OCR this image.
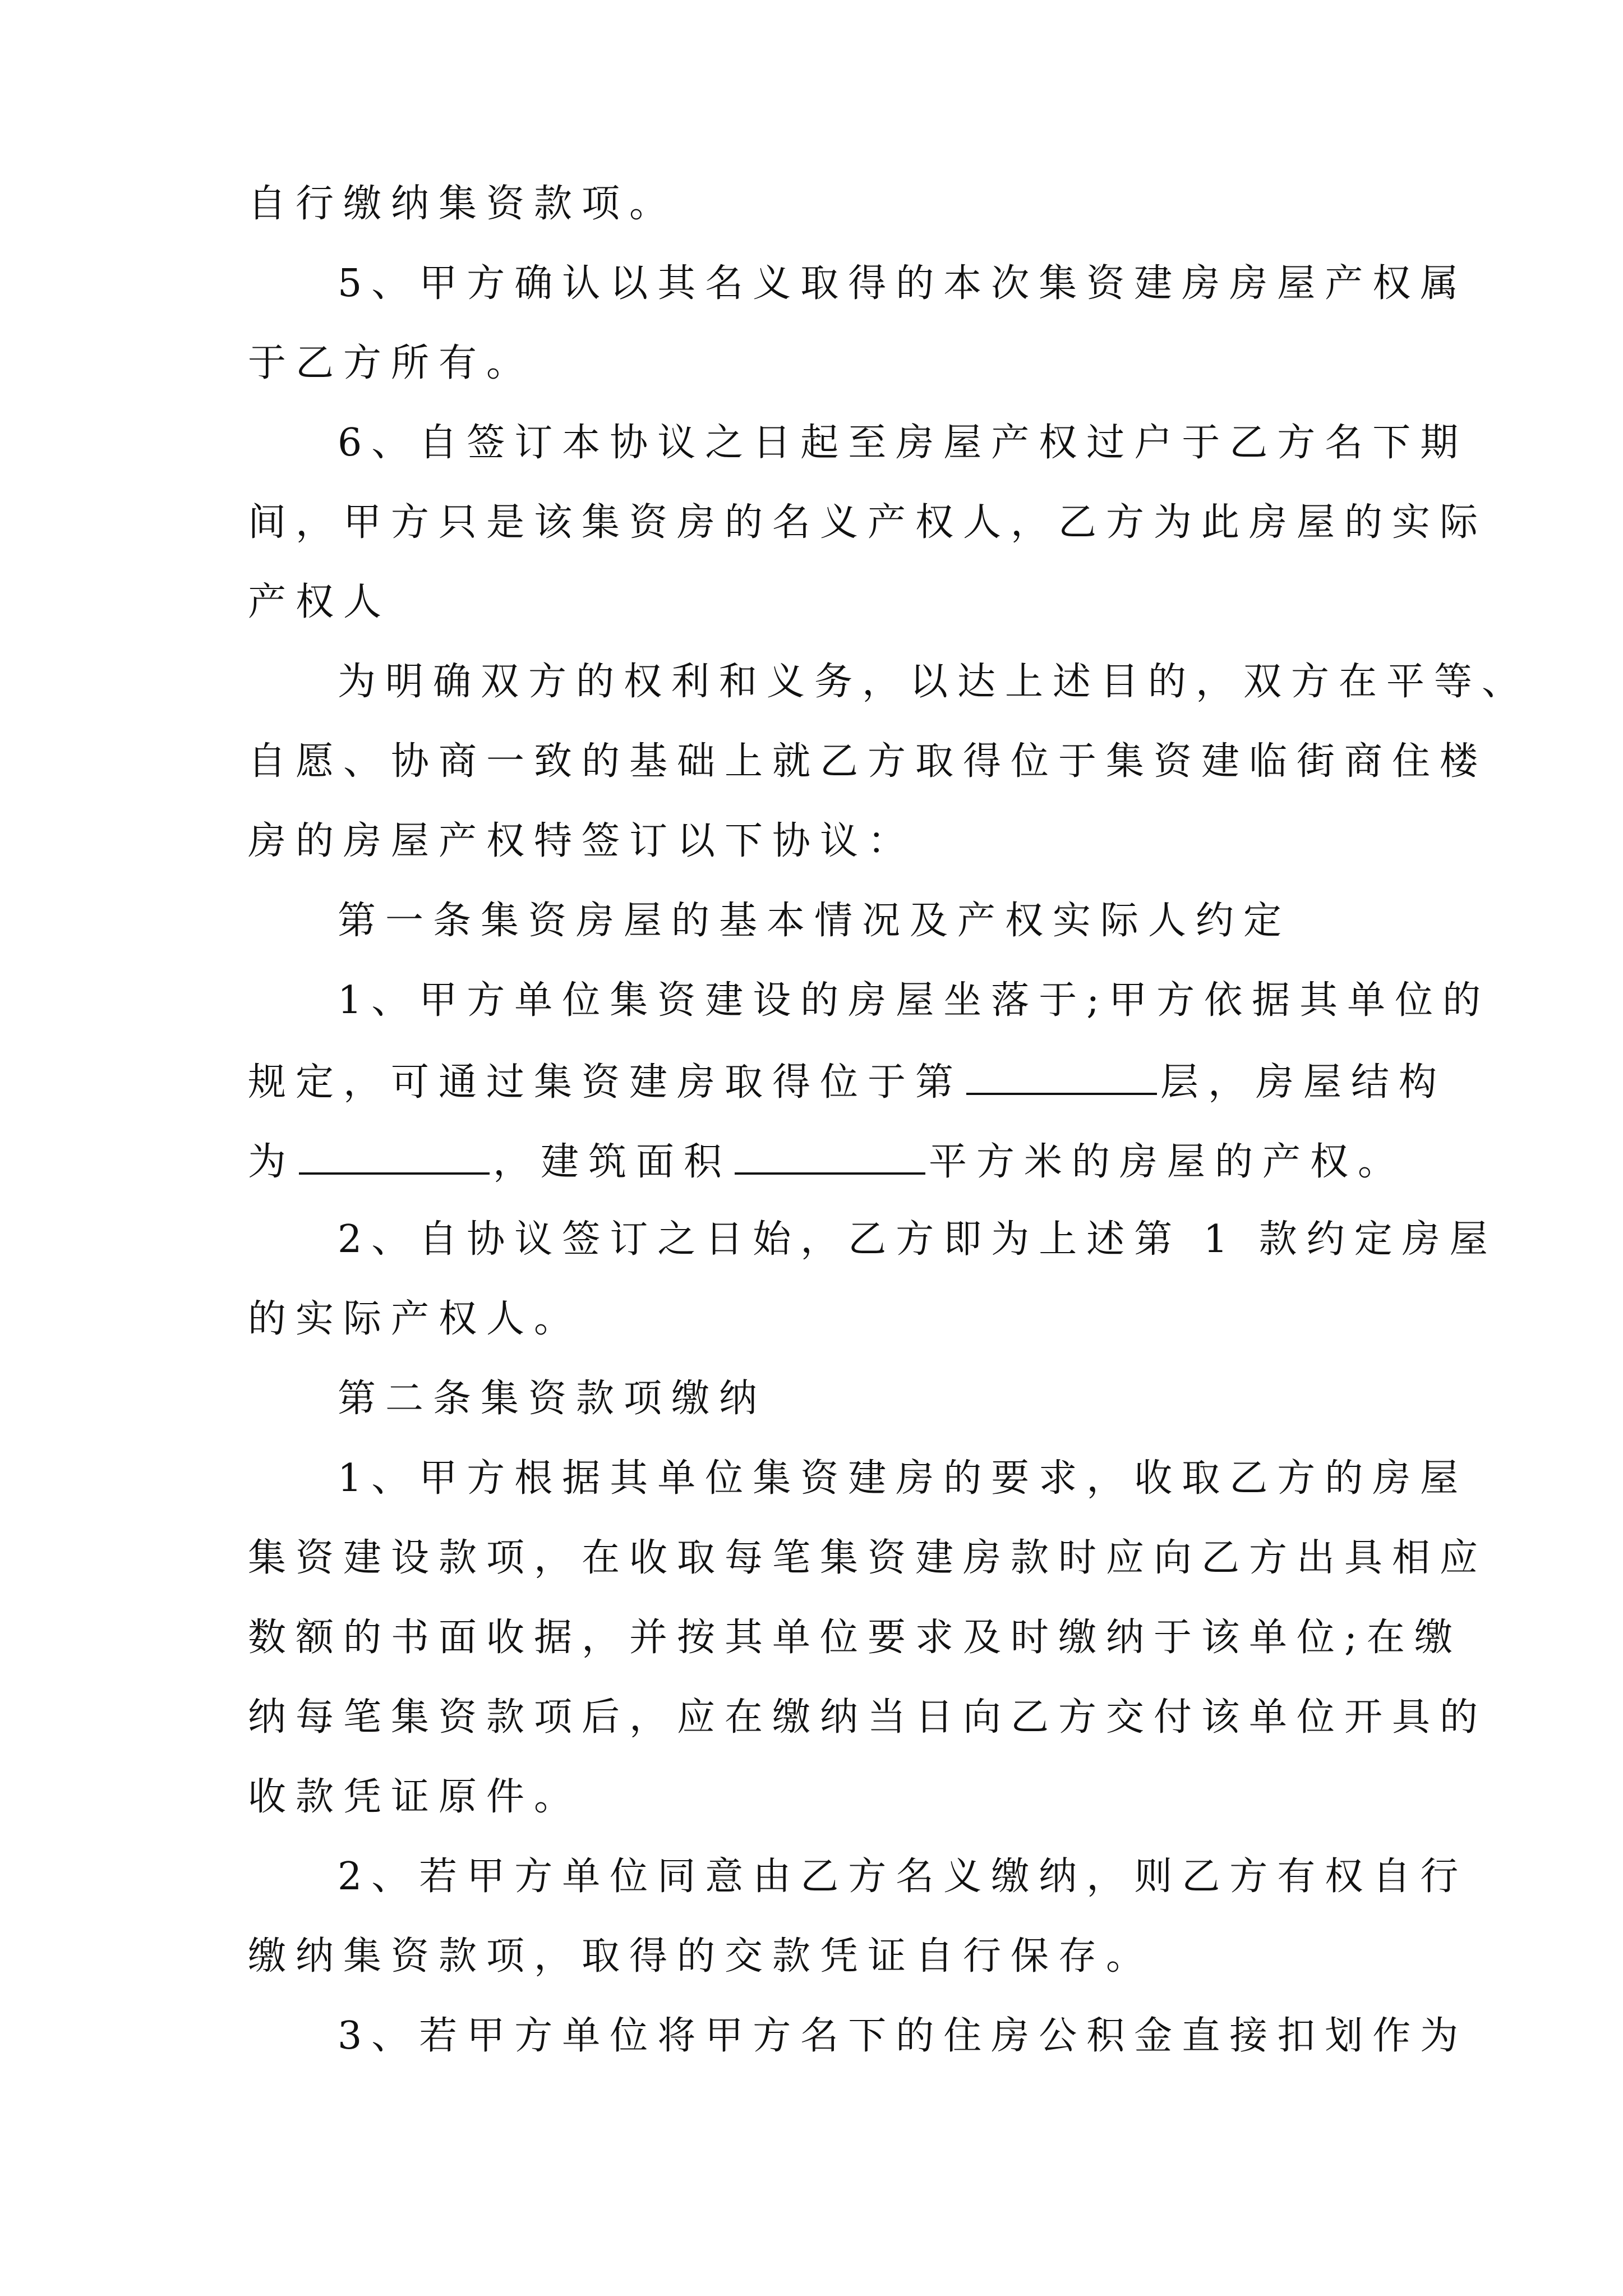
自行缴纳集资款项。
5、甲方确认以其名义取得的本次集资建房房屋产权属
于乙方所有。
6、自签订本协议之日起至房屋产权过户于乙方名下期
间，甲方只是该集资房的名义产权人，乙方为此房屋的实际
产权人
为明确双方的权利和义务，以达上述目的，双方在平等、
自愿、协商一致的基础上就乙方取得位于集资建临街商住楼
房的房屋产权特签订以下协议：
第一条集资房屋的基本情况及产权实际人约定
1、甲方单位集资建设的房屋坐落于;甲方依据其单位的
规定，可通过集资建房取得位于第	层，房屋结构
为	，建筑面积	平方米的房屋的产权。
2、自协议签订之日始，乙方即为上述第 1 款约定房屋
的实际产权人。
第二条集资款项缴纳
1、甲方根据其单位集资建房的要求，收取乙方的房屋
集资建设款项，在收取每笔集资建房款时应向乙方出具相应
数额的书面收据，并按其单位要求及时缴纳于该单位;在缴
纳每笔集资款项后，应在缴纳当日向乙方交付该单位开具的
收款凭证原件。
2、若甲方单位同意由乙方名义缴纳，则乙方有权自行
缴纳集资款项，取得的交款凭证自行保存。
3、若甲方单位将甲方名下的住房公积金直接扣划作为
